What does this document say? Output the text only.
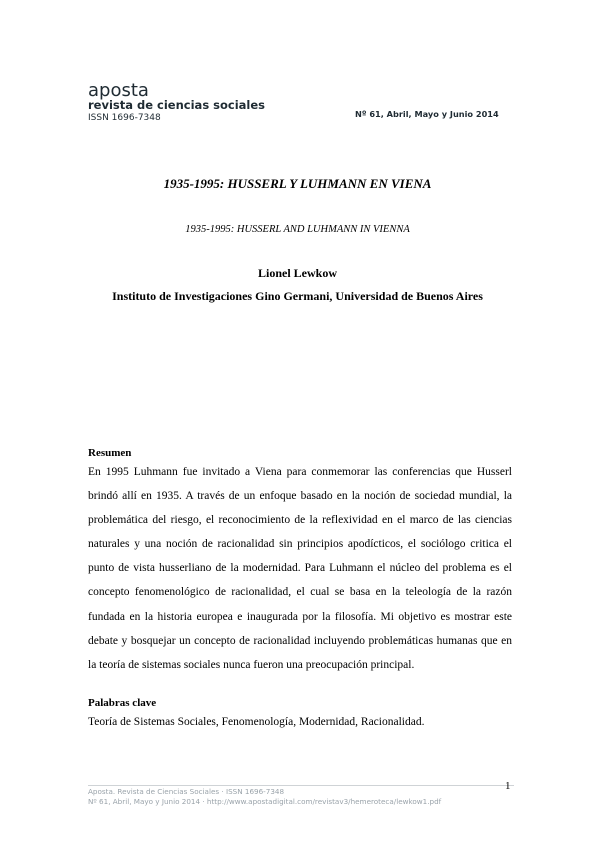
aposta
revista de ciencias sociales
ISSN 1696-7348	Nº 61, Abril, Mayo y Junio 2014
1935-1995: HUSSERL Y LUHMANN EN VIENA
1935-1995: HUSSERL AND LUHMANN IN VIENNA
Lionel Lewkow
Instituto de Investigaciones Gino Germani, Universidad de Buenos Aires
Resumen
En 1995 Luhmann fue invitado a Viena para conmemorar las conferencias que Husserl brindó allí en 1935. A través de un enfoque basado en la noción de sociedad mundial, la problemática del riesgo, el reconocimiento de la reflexividad en el marco de las ciencias naturales y una noción de racionalidad sin principios apodícticos, el sociólogo critica el punto de vista husserliano de la modernidad. Para Luhmann el núcleo del problema es el concepto fenomenológico de racionalidad, el cual se basa en la teleología de la razón fundada en la historia europea e inaugurada por la filosofía. Mi objetivo es mostrar este debate y bosquejar un concepto de racionalidad incluyendo problemáticas humanas que en la teoría de sistemas sociales nunca fueron una preocupación principal.
Palabras clave
Teoría de Sistemas Sociales, Fenomenología, Modernidad, Racionalidad.
1
Aposta. Revista de Ciencias Sociales · ISSN 1696-7348
Nº 61, Abril, Mayo y Junio 2014 · http://www.apostadigital.com/revistav3/hemeroteca/lewkow1.pdf
